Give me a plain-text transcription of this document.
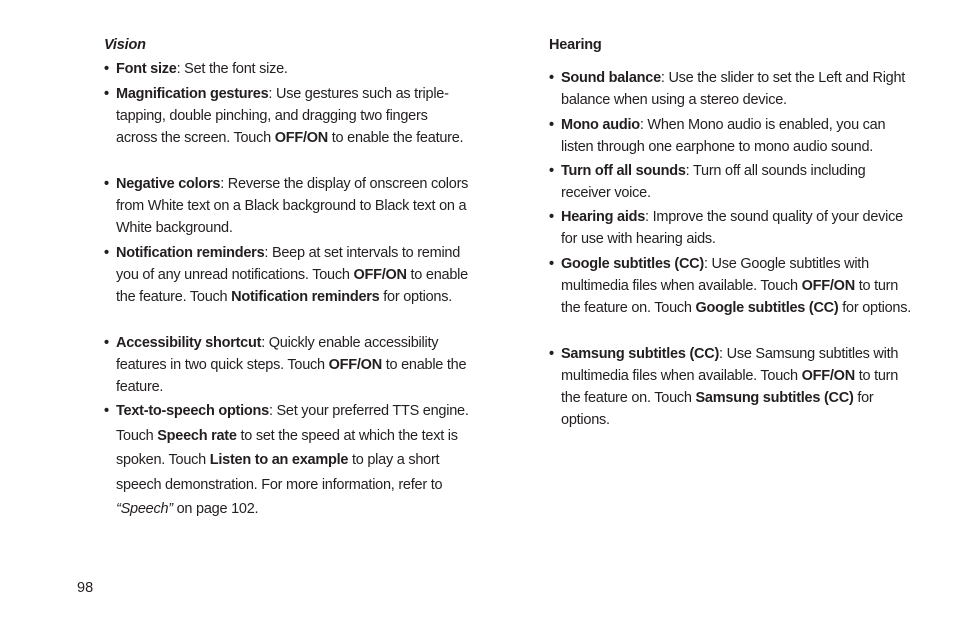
Vision
• Font size: Set the font size.
• Magnification gestures: Use gestures such as triple-tapping, double pinching, and dragging two fingers across the screen. Touch OFF/ON to enable the feature.
• Negative colors: Reverse the display of onscreen colors from White text on a Black background to Black text on a White background.
• Notification reminders: Beep at set intervals to remind you of any unread notifications. Touch OFF/ON to enable the feature. Touch Notification reminders for options.
• Accessibility shortcut: Quickly enable accessibility features in two quick steps. Touch OFF/ON to enable the feature.
• Text-to-speech options: Set your preferred TTS engine. Touch Speech rate to set the speed at which the text is spoken. Touch Listen to an example to play a short speech demonstration. For more information, refer to “Speech” on page 102.
Hearing
• Sound balance: Use the slider to set the Left and Right balance when using a stereo device.
• Mono audio: When Mono audio is enabled, you can listen through one earphone to mono audio sound.
• Turn off all sounds: Turn off all sounds including receiver voice.
• Hearing aids: Improve the sound quality of your device for use with hearing aids.
• Google subtitles (CC): Use Google subtitles with multimedia files when available. Touch OFF/ON to turn the feature on. Touch Google subtitles (CC) for options.
• Samsung subtitles (CC): Use Samsung subtitles with multimedia files when available. Touch OFF/ON to turn the feature on. Touch Samsung subtitles (CC) for options.
98
